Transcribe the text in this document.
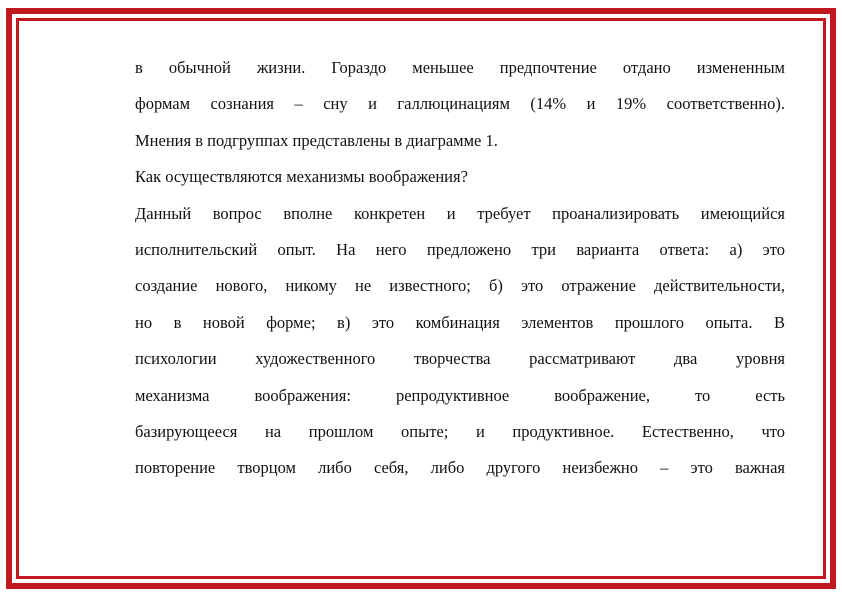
в обычной жизни. Гораздо меньшее предпочтение отдано измененным
формам сознания – сну и галлюцинациям (14% и 19% соответственно).
Мнения в подгруппах представлены в диаграмме 1.

Как осуществляются механизмы воображения?

Данный вопрос вполне конкретен и требует проанализировать имеющийся
исполнительский опыт. На него предложено три варианта ответа: а) это
создание нового, никому не известного; б) это отражение действительности,
но в новой форме; в) это комбинация элементов прошлого опыта. В
психологии художественного творчества рассматривают два уровня
механизма воображения: репродуктивное воображение, то есть
базирующееся на прошлом опыте; и продуктивное. Естественно, что
повторение творцом либо себя, либо другого неизбежно – это важная
